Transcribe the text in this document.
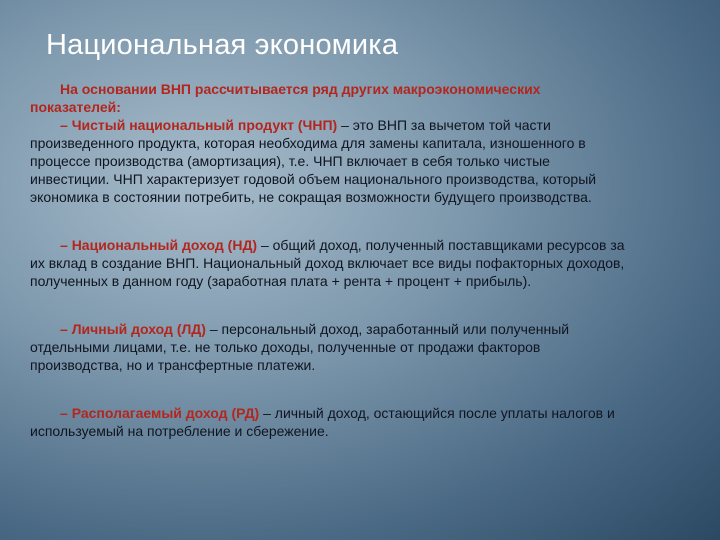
Национальная экономика

На основании ВНП рассчитывается ряд других макроэкономических
показателей:

– Чистый национальный продукт (ЧНП) – это ВНП за вычетом той части произведенного продукта, которая необходима для замены капитала, изношенного в процессе производства (амортизация), т.е. ЧНП включает в себя только чистые инвестиции. ЧНП характеризует годовой объем национального производства, который экономика в состоянии потребить, не сокращая возможности будущего производства.

– Национальный доход (НД) – общий доход, полученный поставщиками ресурсов за их вклад в создание ВНП. Национальный доход включает все виды пофакторных доходов, полученных в данном году (заработная плата + рента + процент + прибыль).

– Личный доход (ЛД) – персональный доход, заработанный или полученный отдельными лицами, т.е. не только доходы, полученные от продажи факторов производства, но и трансфертные платежи.

– Располагаемый доход (РД) – личный доход, остающийся после уплаты налогов и используемый на потребление и сбережение.
